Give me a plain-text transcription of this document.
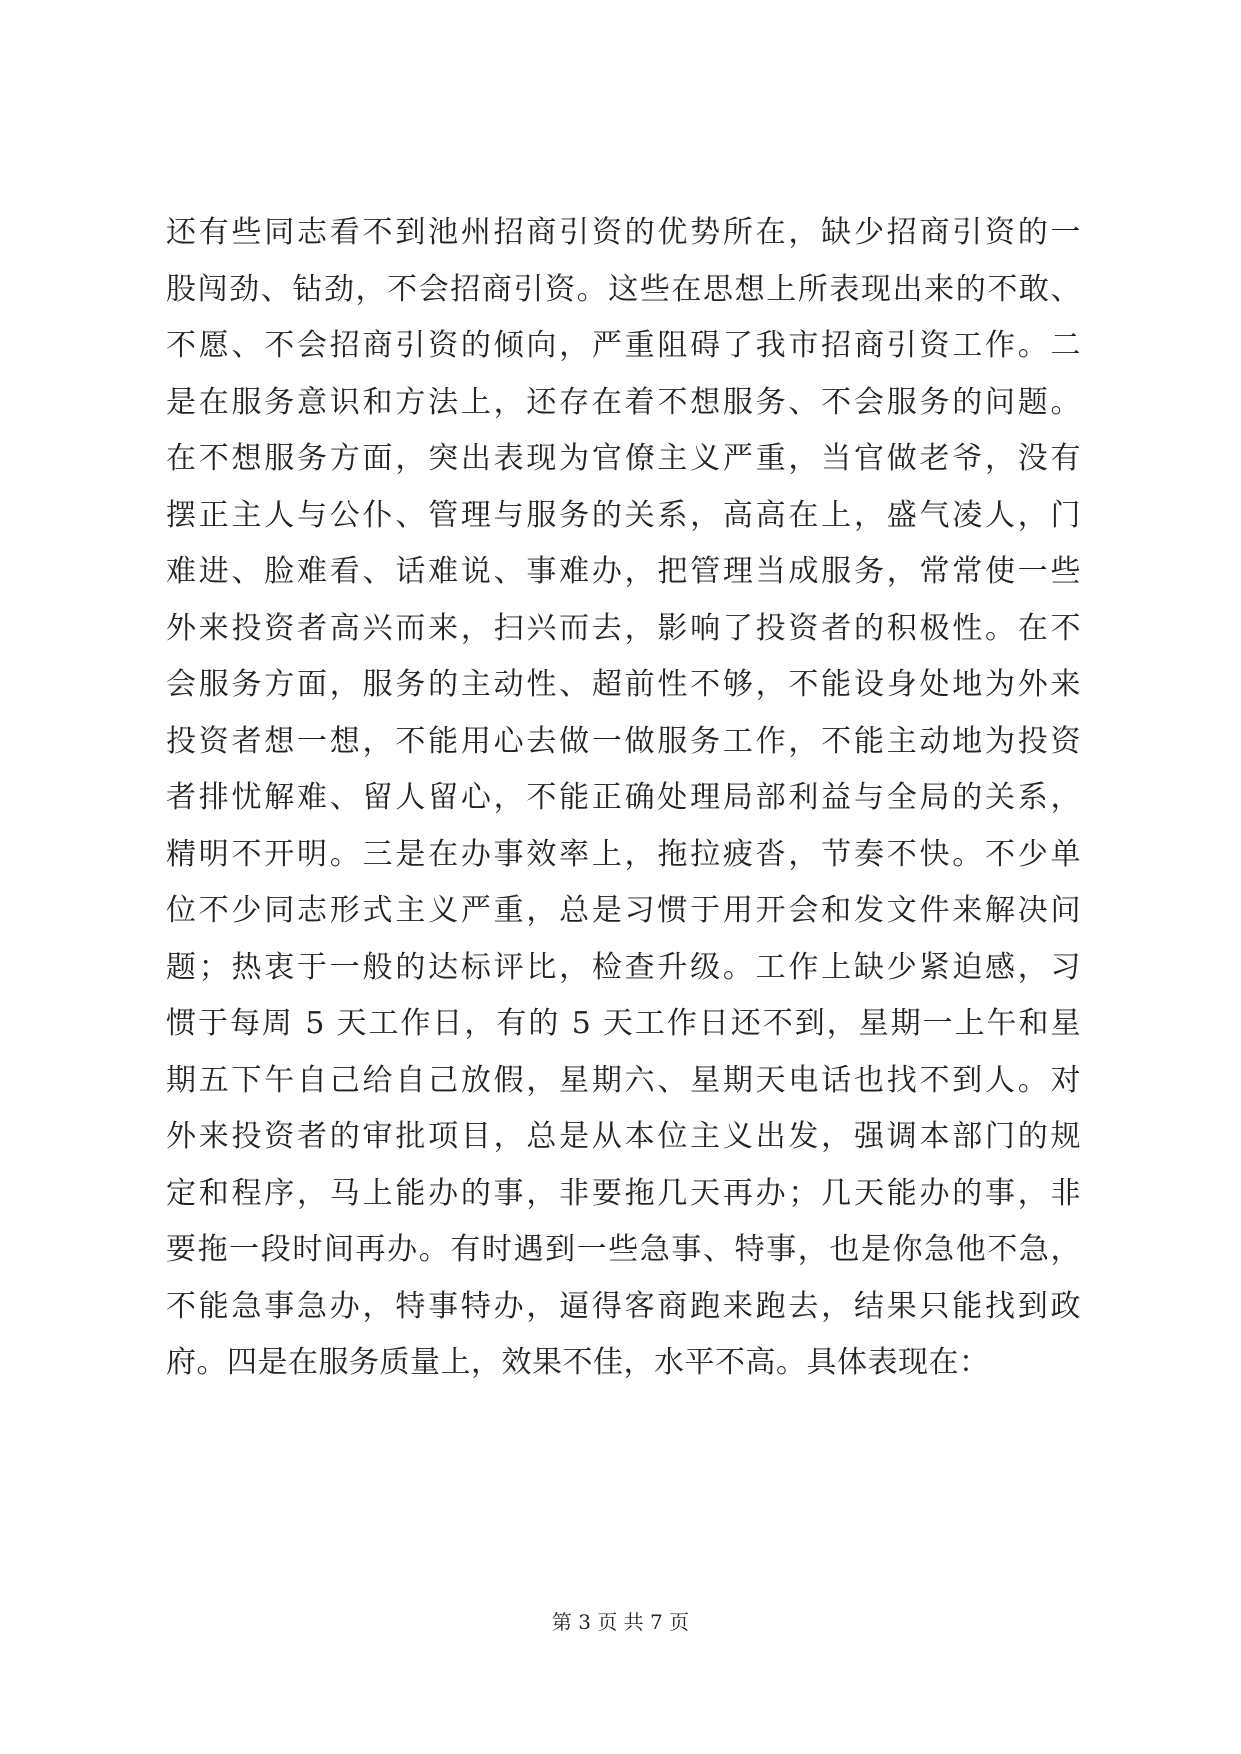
还有些同志看不到池州招商引资的优势所在，缺少招商引资的一
股闯劲、钻劲，不会招商引资。这些在思想上所表现出来的不敢、
不愿、不会招商引资的倾向，严重阻碍了我市招商引资工作。二
是在服务意识和方法上，还存在着不想服务、不会服务的问题。
在不想服务方面，突出表现为官僚主义严重，当官做老爷，没有
摆正主人与公仆、管理与服务的关系，高高在上，盛气凌人，门
难进、脸难看、话难说、事难办，把管理当成服务，常常使一些
外来投资者高兴而来，扫兴而去，影响了投资者的积极性。在不
会服务方面，服务的主动性、超前性不够，不能设身处地为外来
投资者想一想，不能用心去做一做服务工作，不能主动地为投资
者排忧解难、留人留心，不能正确处理局部利益与全局的关系，
精明不开明。三是在办事效率上，拖拉疲沓，节奏不快。不少单
位不少同志形式主义严重，总是习惯于用开会和发文件来解决问
题；热衷于一般的达标评比，检查升级。工作上缺少紧迫感，习
惯于每周 5 天工作日，有的 5 天工作日还不到，星期一上午和星
期五下午自己给自己放假，星期六、星期天电话也找不到人。对
外来投资者的审批项目，总是从本位主义出发，强调本部门的规
定和程序，马上能办的事，非要拖几天再办；几天能办的事，非
要拖一段时间再办。有时遇到一些急事、特事，也是你急他不急，
不能急事急办，特事特办，逼得客商跑来跑去，结果只能找到政
府。四是在服务质量上，效果不佳，水平不高。具体表现在：
第 3 页 共 7 页
